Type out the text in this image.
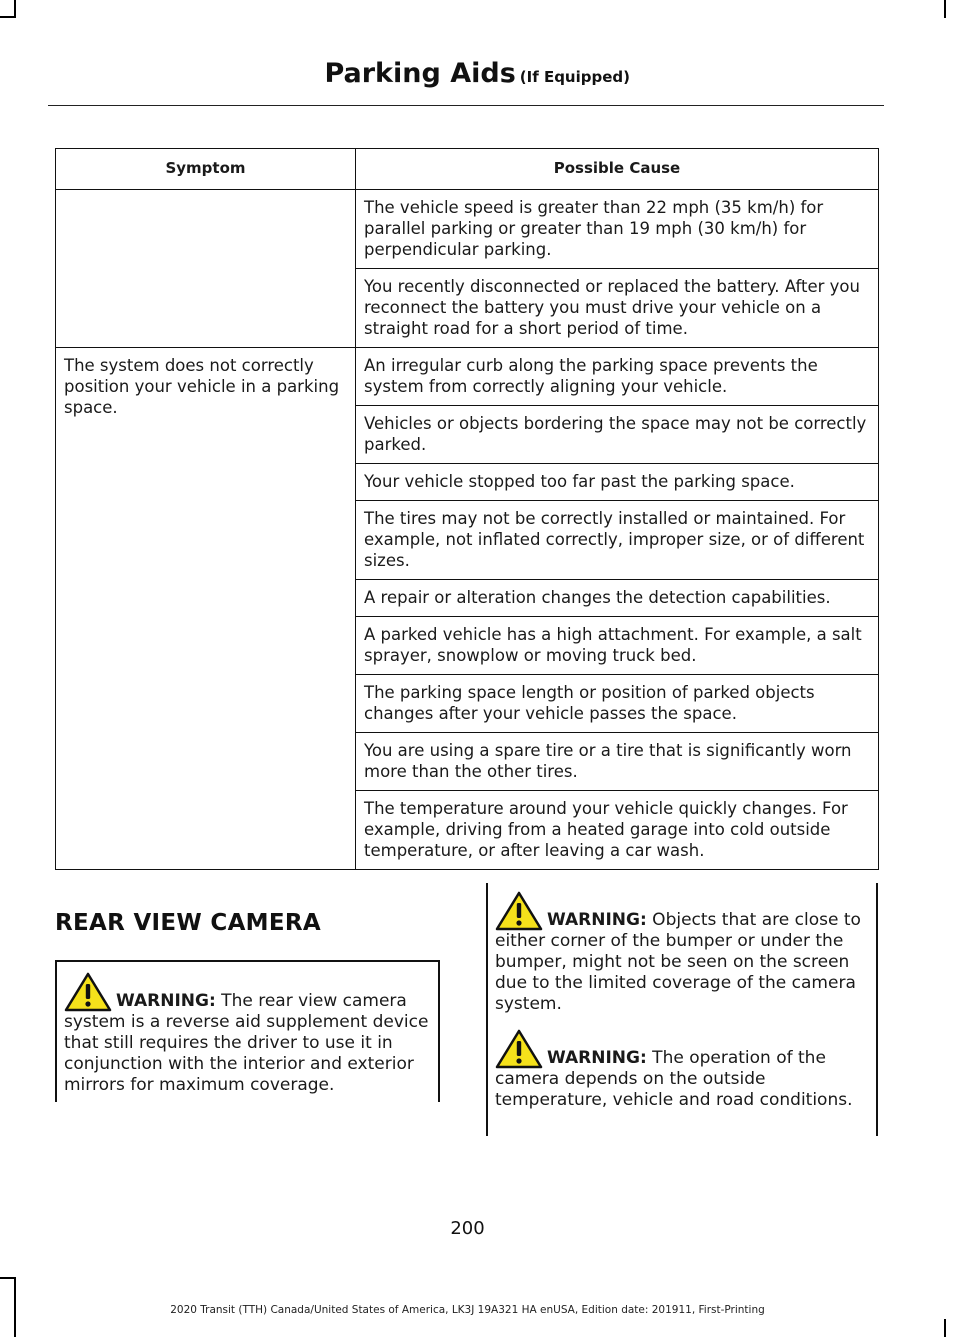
Parking Aids (If Equipped)
Symptom	Possible Cause
	The vehicle speed is greater than 22 mph (35 km/h) for parallel parking or greater than 19 mph (30 km/h) for perpendicular parking.
	You recently disconnected or replaced the battery. After you reconnect the battery you must drive your vehicle on a straight road for a short period of time.
The system does not correctly position your vehicle in a parking space.	An irregular curb along the parking space prevents the system from correctly aligning your vehicle.
	Vehicles or objects bordering the space may not be correctly parked.
	Your vehicle stopped too far past the parking space.
	The tires may not be correctly installed or maintained. For example, not inflated correctly, improper size, or of different sizes.
	A repair or alteration changes the detection capabilities.
	A parked vehicle has a high attachment. For example, a salt sprayer, snowplow or moving truck bed.
	The parking space length or position of parked objects changes after your vehicle passes the space.
	You are using a spare tire or a tire that is significantly worn more than the other tires.
	The temperature around your vehicle quickly changes. For example, driving from a heated garage into cold outside temperature, or after leaving a car wash.
REAR VIEW CAMERA

WARNING: The rear view camera system is a reverse aid supplement device that still requires the driver to use it in conjunction with the interior and exterior mirrors for maximum coverage.

WARNING: Objects that are close to either corner of the bumper or under the bumper, might not be seen on the screen due to the limited coverage of the camera system.

WARNING: The operation of the camera depends on the outside temperature, vehicle and road conditions.

200
2020 Transit (TTH) Canada/United States of America, LK3J 19A321 HA enUSA, Edition date: 201911, First-Printing
